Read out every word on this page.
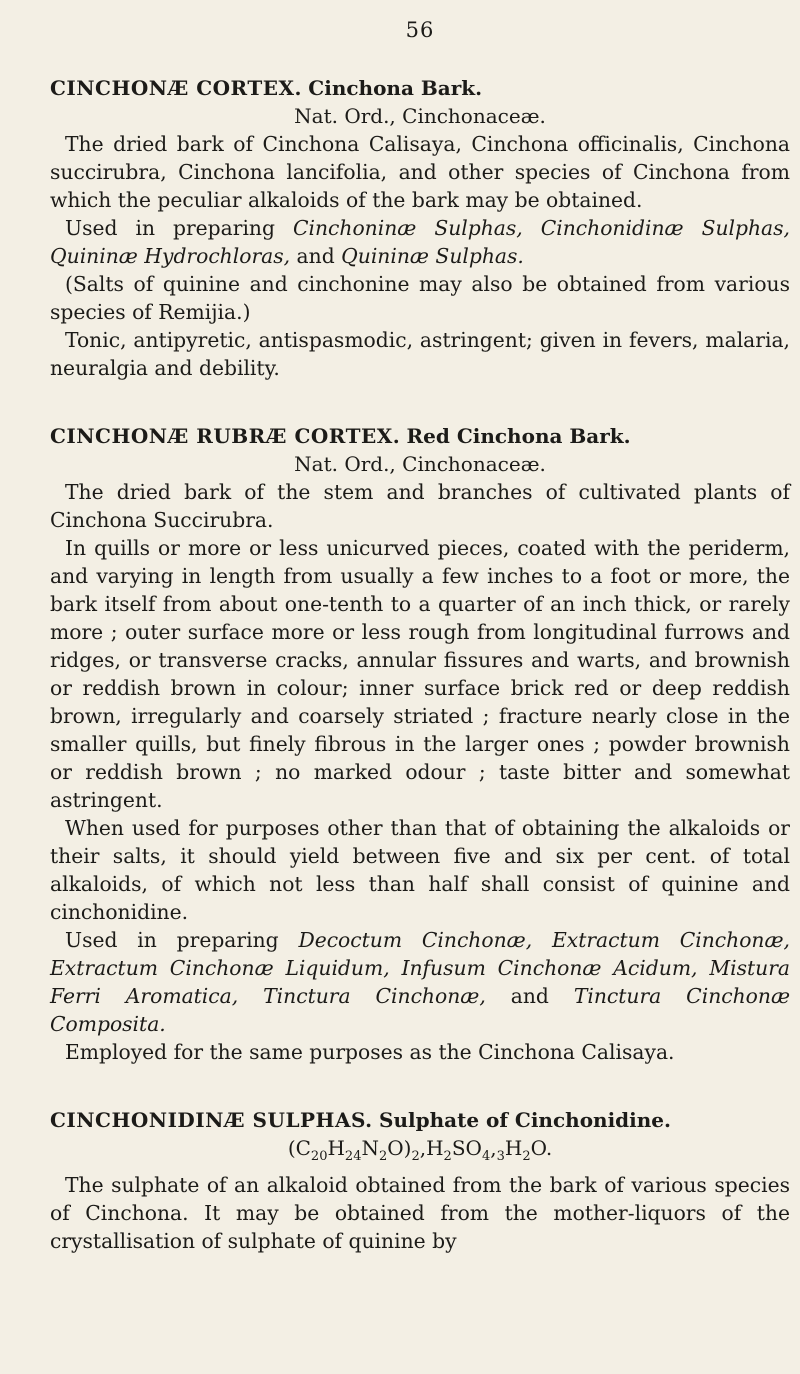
56

CINCHONÆ CORTEX. Cinchona Bark.

Nat. Ord., Cinchonaceæ.

The dried bark of Cinchona Calisaya, Cinchona officinalis, Cinchona succirubra, Cinchona lancifolia, and other species of Cinchona from which the peculiar alkaloids of the bark may be obtained.

Used in preparing Cinchoninæ Sulphas, Cinchonidinæ Sulphas, Quininæ Hydrochloras, and Quininæ Sulphas.

(Salts of quinine and cinchonine may also be obtained from various species of Remijia.)

Tonic, antipyretic, antispasmodic, astringent; given in fevers, malaria, neuralgia and debility.

CINCHONÆ RUBRÆ CORTEX. Red Cinchona Bark.

Nat. Ord., Cinchonaceæ.

The dried bark of the stem and branches of cultivated plants of Cinchona Succirubra.

In quills or more or less unicurved pieces, coated with the periderm, and varying in length from usually a few inches to a foot or more, the bark itself from about one-tenth to a quarter of an inch thick, or rarely more ; outer surface more or less rough from longitudinal furrows and ridges, or transverse cracks, annular fissures and warts, and brownish or reddish brown in colour; inner surface brick red or deep reddish brown, irregularly and coarsely striated ; fracture nearly close in the smaller quills, but finely fibrous in the larger ones ; powder brownish or reddish brown ; no marked odour ; taste bitter and somewhat astringent.

When used for purposes other than that of obtaining the alkaloids or their salts, it should yield between five and six per cent. of total alkaloids, of which not less than half shall consist of quinine and cinchonidine.

Used in preparing Decoctum Cinchonæ, Extractum Cinchonæ, Extractum Cinchonæ Liquidum, Infusum Cinchonæ Acidum, Mistura Ferri Aromatica, Tinctura Cinchonæ, and Tinctura Cinchonæ Composita.

Employed for the same purposes as the Cinchona Calisaya.

CINCHONIDINÆ SULPHAS. Sulphate of Cinchonidine.

$(C_{20}H_{24}N_2O)_2,H_2SO_4,_3H_2O$.

The sulphate of an alkaloid obtained from the bark of various species of Cinchona. It may be obtained from the mother-liquors of the crystallisation of sulphate of quinine by
